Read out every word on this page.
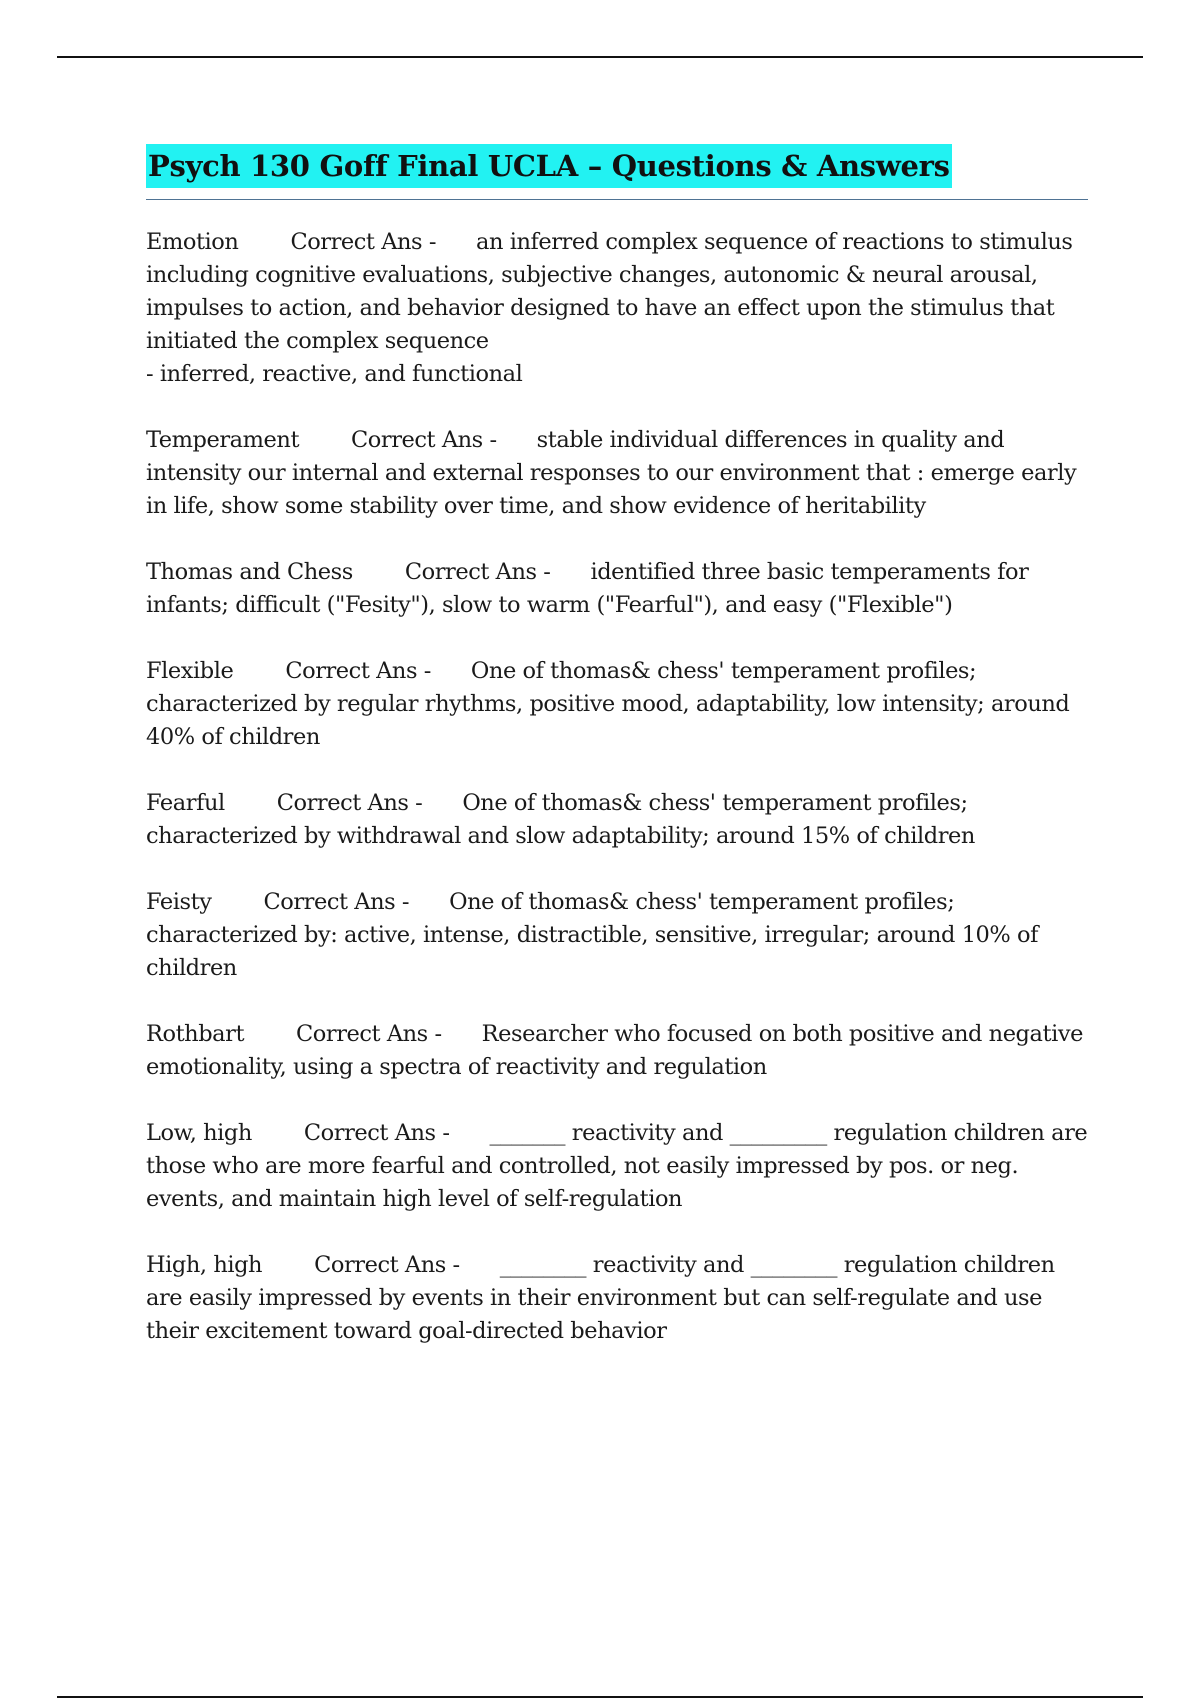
Psych 130 Goff Final UCLA – Questions & Answers
Emotion Correct Ans - an inferred complex sequence of reactions to stimulus including cognitive evaluations, subjective changes, autonomic & neural arousal, impulses to action, and behavior designed to have an effect upon the stimulus that initiated the complex sequence
- inferred, reactive, and functional
Temperament Correct Ans - stable individual differences in quality and intensity our internal and external responses to our environment that : emerge early in life, show some stability over time, and show evidence of heritability
Thomas and Chess Correct Ans - identified three basic temperaments for infants; difficult ("Fesity"), slow to warm ("Fearful"), and easy ("Flexible")
Flexible Correct Ans - One of thomas& chess' temperament profiles; characterized by regular rhythms, positive mood, adaptability, low intensity; around 40% of children
Fearful Correct Ans - One of thomas& chess' temperament profiles; characterized by withdrawal and slow adaptability; around 15% of children
Feisty Correct Ans - One of thomas& chess' temperament profiles; characterized by: active, intense, distractible, sensitive, irregular; around 10% of children
Rothbart Correct Ans - Researcher who focused on both positive and negative emotionality, using a spectra of reactivity and regulation
Low, high Correct Ans - _______ reactivity and _________ regulation children are those who are more fearful and controlled, not easily impressed by pos. or neg. events, and maintain high level of self-regulation
High, high Correct Ans - ________ reactivity and ________ regulation children are easily impressed by events in their environment but can self-regulate and use their excitement toward goal-directed behavior
